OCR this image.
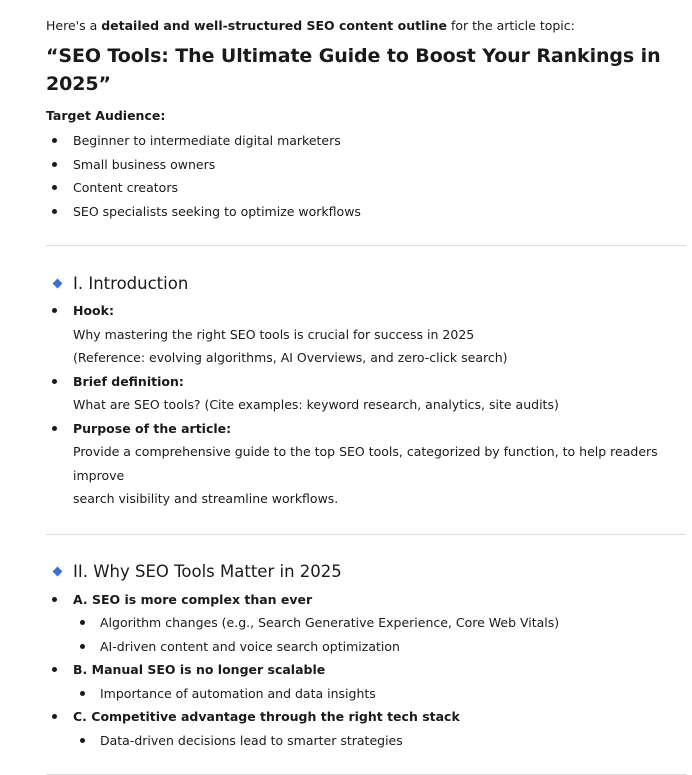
Here's a detailed and well-structured SEO content outline for the article topic:
“SEO Tools: The Ultimate Guide to Boost Your Rankings in 2025”
Target Audience:
Beginner to intermediate digital marketers
Small business owners
Content creators
SEO specialists seeking to optimize workflows
I. Introduction
Hook:
Why mastering the right SEO tools is crucial for success in 2025
(Reference: evolving algorithms, AI Overviews, and zero-click search)
Brief definition:
What are SEO tools? (Cite examples: keyword research, analytics, site audits)
Purpose of the article:
Provide a comprehensive guide to the top SEO tools, categorized by function, to help readers improve
search visibility and streamline workflows.
II. Why SEO Tools Matter in 2025
A. SEO is more complex than ever
Algorithm changes (e.g., Search Generative Experience, Core Web Vitals)
AI-driven content and voice search optimization
B. Manual SEO is no longer scalable
Importance of automation and data insights
C. Competitive advantage through the right tech stack
Data-driven decisions lead to smarter strategies
